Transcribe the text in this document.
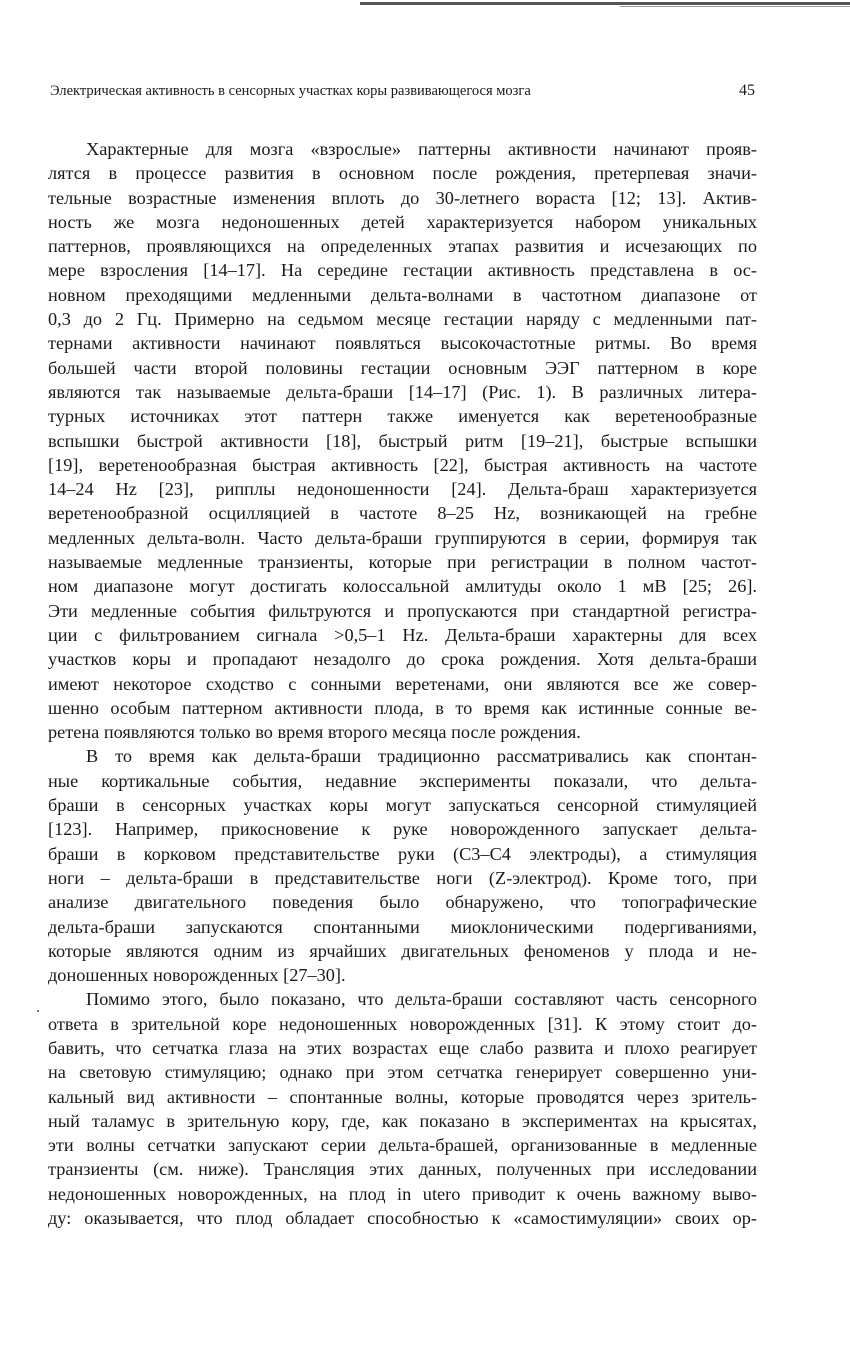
Электрическая активность в сенсорных участках коры развивающегося мозга	45
Характерные для мозга «взрослые» паттерны активности начинают прояв-
лятся в процессе развития в основном после рождения, претерпевая значи-
тельные возрастные изменения вплоть до 30-летнего вораста [12; 13]. Актив-
ность же мозга недоношенных детей характеризуется набором уникальных
паттернов, проявляющихся на определенных этапах развития и исчезающих по
мере взросления [14–17]. На середине гестации активность представлена в ос-
новном преходящими медленными дельта-волнами в частотном диапазоне от
0,3 до 2 Гц. Примерно на седьмом месяце гестации наряду с медленными пат-
тернами активности начинают появляться высокочастотные ритмы. Во время
большей части второй половины гестации основным ЭЭГ паттерном в коре
являются так называемые дельта-браши [14–17] (Рис. 1). В различных литера-
турных источниках этот паттерн также именуется как веретенообразные
вспышки быстрой активности [18], быстрый ритм [19–21], быстрые вспышки
[19], веретенообразная быстрая активность [22], быстрая активность на частоте
14–24 Hz [23], рипплы недоношенности [24]. Дельта-браш характеризуется
веретенообразной осцилляцией в частоте 8–25 Hz, возникающей на гребне
медленных дельта-волн. Часто дельта-браши группируются в серии, формируя так
называемые медленные транзиенты, которые при регистрации в полном частот-
ном диапазоне могут достигать колоссальной амлитуды около 1 мВ [25; 26].
Эти медленные события фильтруются и пропускаются при стандартной регистра-
ции с фильтрованием сигнала >0,5–1 Hz. Дельта-браши характерны для всех
участков коры и пропадают незадолго до срока рождения. Хотя дельта-браши
имеют некоторое сходство с сонными веретенами, они являются все же совер-
шенно особым паттерном активности плода, в то время как истинные сонные ве-
ретена появляются только во время второго месяца после рождения.
В то время как дельта-браши традиционно рассматривались как спонтан-
ные кортикальные события, недавние эксперименты показали, что дельта-
браши в сенсорных участках коры могут запускаться сенсорной стимуляцией
[123]. Например, прикосновение к руке новорожденного запускает дельта-
браши в корковом представительстве руки (C3–C4 электроды), а стимуляция
ноги – дельта-браши в представительстве ноги (Z-электрод). Кроме того, при
анализе двигательного поведения было обнаружено, что топографические
дельта-браши запускаются спонтанными миоклоническими подергиваниями,
которые являются одним из ярчайших двигательных феноменов у плода и не-
доношенных новорожденных [27–30].
Помимо этого, было показано, что дельта-браши составляют часть сенсорного
ответа в зрительной коре недоношенных новорожденных [31]. К этому стоит до-
бавить, что сетчатка глаза на этих возрастах еще слабо развита и плохо реагирует
на световую стимуляцию; однако при этом сетчатка генерирует совершенно уни-
кальный вид активности – спонтанные волны, которые проводятся через зритель-
ный таламус в зрительную кору, где, как показано в экспериментах на крысятах,
эти волны сетчатки запускают серии дельта-брашей, организованные в медленные
транзиенты (см. ниже). Трансляция этих данных, полученных при исследовании
недоношенных новорожденных, на плод in utero приводит к очень важному выво-
ду: оказывается, что плод обладает способностью к «самостимуляции» своих ор-
